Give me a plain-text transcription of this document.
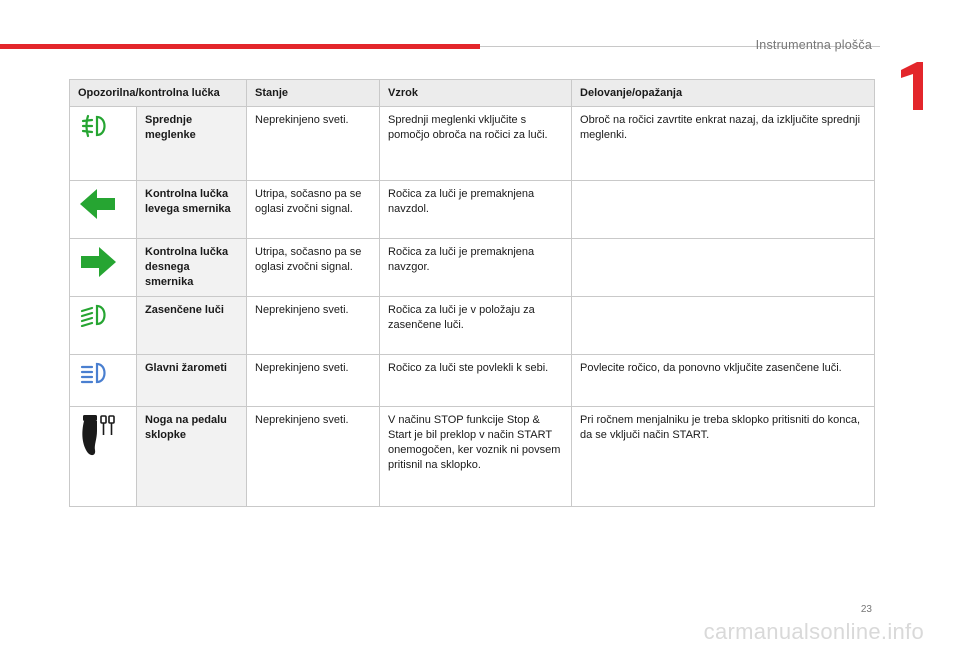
Instrumentna plošča
1
Opozorilna/kontrolna lučka		Stanje	Vzrok	Delovanje/opažanja
	Sprednje meglenke	Neprekinjeno sveti.	Sprednji meglenki vključite s pomočjo obroča na ročici za luči.	Obroč na ročici zavrtite enkrat nazaj, da izključite sprednji meglenki.
	Kontrolna lučka levega smernika	Utripa, sočasno pa se oglasi zvočni signal.	Ročica za luči je premaknjena navzdol.	
	Kontrolna lučka desnega smernika	Utripa, sočasno pa se oglasi zvočni signal.	Ročica za luči je premaknjena navzgor.	
	Zasenčene luči	Neprekinjeno sveti.	Ročica za luči je v položaju za zasenčene luči.	
	Glavni žarometi	Neprekinjeno sveti.	Ročico za luči ste povlekli k sebi.	Povlecite ročico, da ponovno vključite zasenčene luči.
	Noga na pedalu sklopke	Neprekinjeno sveti.	V načinu STOP funkcije Stop & Start je bil preklop v način START onemogočen, ker voznik ni povsem pritisnil na sklopko.	Pri ročnem menjalniku je treba sklopko pritisniti do konca, da se vključi način START.
23
carmanualsonline.info
